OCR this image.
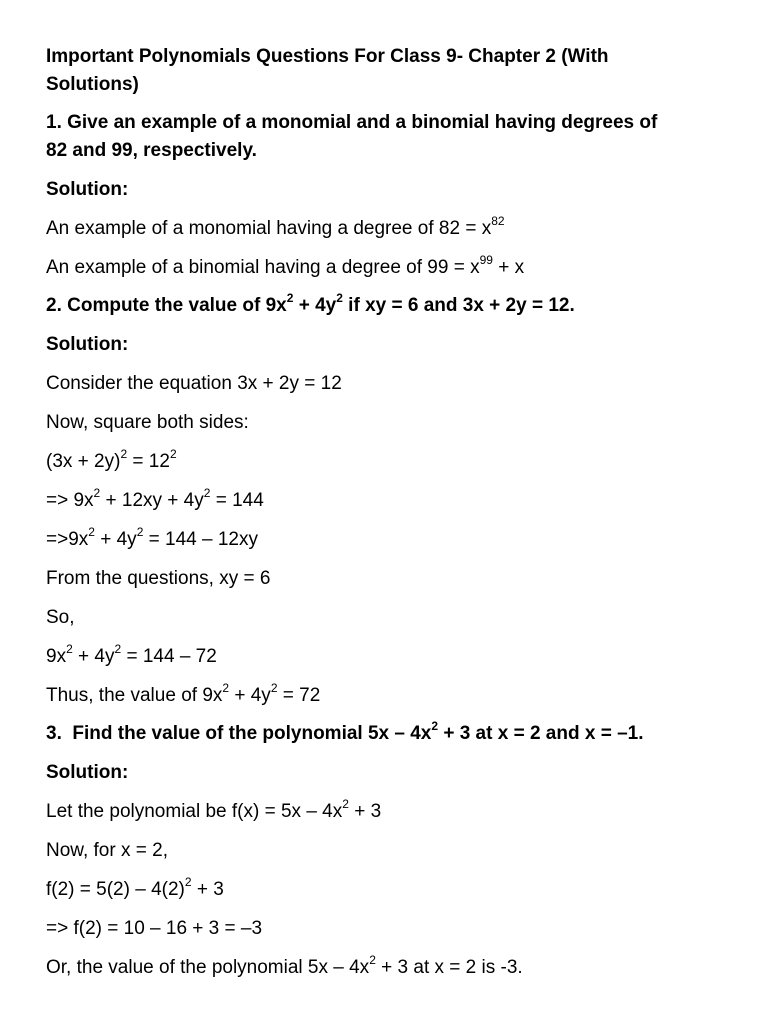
Important Polynomials Questions For Class 9- Chapter 2 (With
Solutions)

1. Give an example of a monomial and a binomial having degrees of
82 and 99, respectively.

Solution:

An example of a monomial having a degree of $82 = x^{82}$

An example of a binomial having a degree of $99 = x^{99} + x$

2. Compute the value of $9x^2 + 4y^2$ if xy = 6 and 3x + 2y = 12.

Solution:

Consider the equation 3x + 2y = 12

Now, square both sides:

$(3x + 2y)^2 = 12^2$

=> $9x^2 + 12xy + 4y^2 = 144$

$=>9x^2 + 4y^2 = 144 - 12xy$

From the questions, xy = 6

So,

$9x^2 + 4y^2 = 144 - 72$

Thus, the value of $9x^2 + 4y^2 = 72$

3.  Find the value of the polynomial $5x - 4x^2 + 3$ at x = 2 and x = –1.

Solution:

Let the polynomial be $f(x) = 5x - 4x^2 + 3$

Now, for x = 2,

$f(2) = 5(2) - 4(2)^2 + 3$

=> f(2) = 10 – 16 + 3 = –3

Or, the value of the polynomial $5x - 4x^2 + 3$ at x = 2 is -3.
